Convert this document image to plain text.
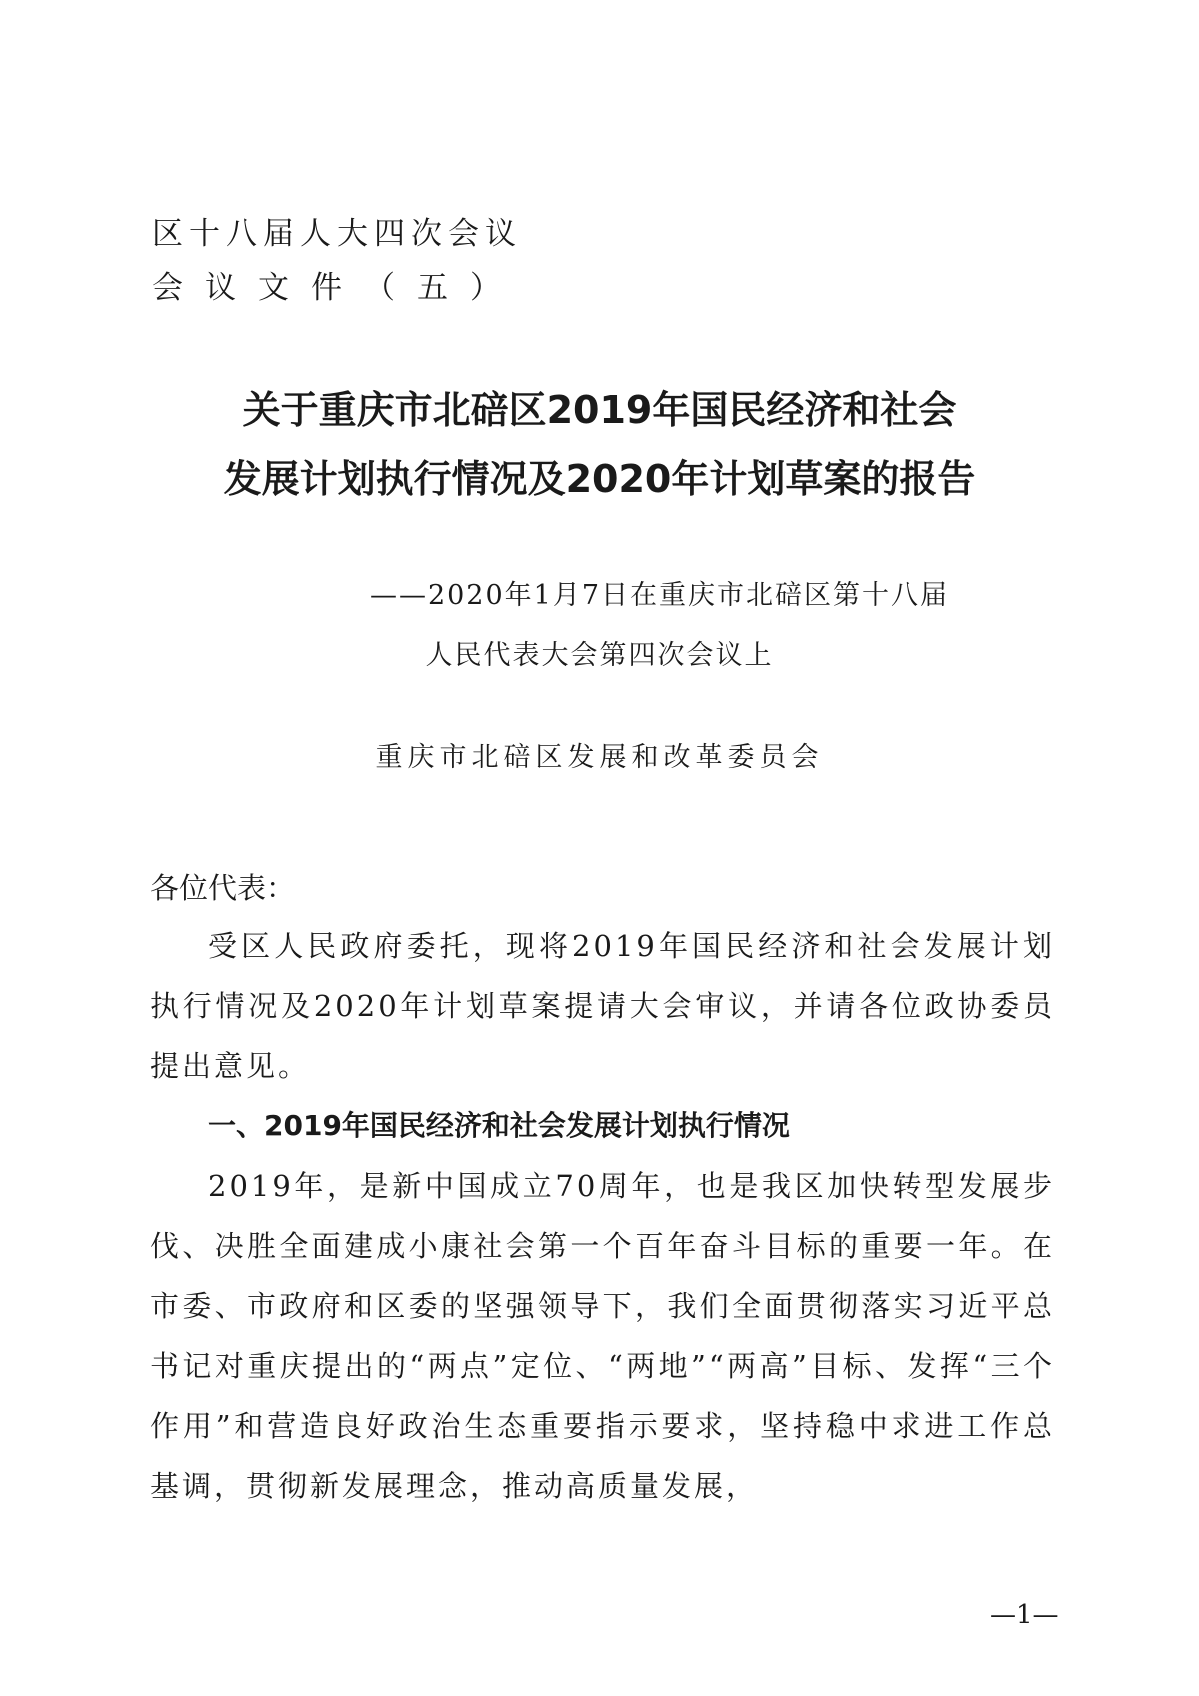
区十八届人大四次会议
会议文件（五）
关于重庆市北碚区2019年国民经济和社会
发展计划执行情况及2020年计划草案的报告
——2020年1月7日在重庆市北碚区第十八届
人民代表大会第四次会议上
重庆市北碚区发展和改革委员会
各位代表：
受区人民政府委托，现将2019年国民经济和社会发展计划执行情况及2020年计划草案提请大会审议，并请各位政协委员提出意见。
一、2019年国民经济和社会发展计划执行情况
2019年，是新中国成立70周年，也是我区加快转型发展步伐、决胜全面建成小康社会第一个百年奋斗目标的重要一年。在市委、市政府和区委的坚强领导下，我们全面贯彻落实习近平总书记对重庆提出的“两点”定位、“两地”“两高”目标、发挥“三个作用”和营造良好政治生态重要指示要求，坚持稳中求进工作总基调，贯彻新发展理念，推动高质量发展，
—1—
